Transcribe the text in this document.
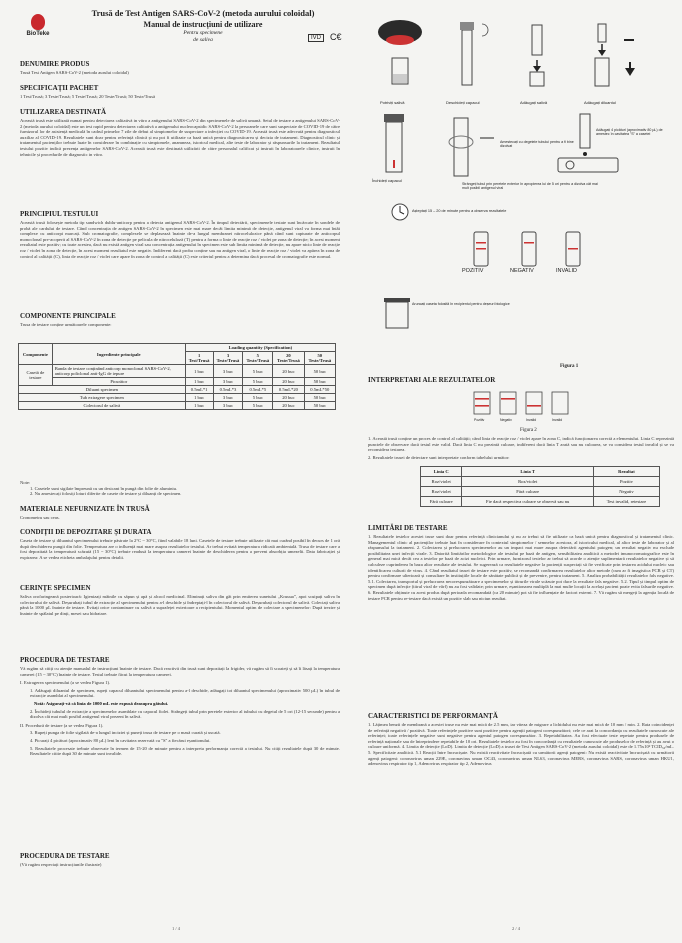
BioTeke

Trusă de Test Antigen SARS-CoV-2 (metoda aurului coloidal)

Manual de instrucțiuni de utilizare

Pentru specimene
de saliva	IVD C€

DENUMIRE PRODUS

Trusă Test Antigen SARS-CoV-2 (metoda aurului coloidal)

SPECIFICAȚII PACHET

1 Test/Trusă; 3 Teste/Trusă; 5 Teste/Trusă; 20 Teste/Trusă; 50 Teste/Trusă

UTILIZAREA DESTINATĂ

Această trusă este utilizată numai pentru detectarea calitativă in vitro a antigenului SARS-CoV-2 din specimenele de salivă umană. Setul de testare a antigenului SARS-CoV-2 (metoda aurului coloidal) este un test rapid pentru detectarea calitativă a antigenului nucleocapsidic SARS-CoV-2 la persoanele care sunt suspectate de COVID-19 de către furnizorul lor de asistență medicală în cadrul primelor 7 zile de debut al simptomelor de suspectare a infecției cu COVID-19. Această trusă este adecvată pentru diagnosticul auxiliar al COVID-19. Rezultatele sunt doar pentru referință clinică și nu pot fi utilizate ca bază unică pentru diagnosticarea și decizia de tratament. Diagnosticul clinic și tratamentul pacienților trebuie luate în considerare în combinație cu simptomele, anamneza, istoricul medical, alte teste de laborator și răspunsurile la tratament. Rezultatul testului pozitiv indică prezența antigenelor SARS-CoV-2. Această trusă este destinată utilizării de către personalul calificat și instruit în laboratoarele clinice, instruit în tehnicile și procedurile de diagnostic in vitro.

PRINCIPIUL TESTULUI

Această trusă folosește metoda tip sandwich dublu-anticorp pentru a detecta antigenul SARS-CoV-2. În timpul detectării, specimenele testate sunt încărcate în sondele de probă ale cardului de testare. Când concentrația de antigen SARS-CoV-2 în specimen este mai mare decât limita minimă de detecție, antigenul viral va forma mai întâi complexe cu anticorpi marcați. Sub cromatografie, complexele se deplasează înainte de-a lungul membranei nitrocelulozice până când sunt capturate de anticorpul monoclonal pre-acoperit al SARS-CoV-2 în zona de detecție pe pelicula de nitroceluloză (T) pentru a forma o linie de reacție roz / violet pe zona de detecție; în acest moment rezultatul este pozitiv; cu toate acestea, dacă nu există antigen viral sau concentrația antigenului în specimen este sub limita minimă de detecție, nu apare nicio linie de reacție roz / violet în zona de detecție, în acest moment rezultatul este negativ. Indiferent dacă proba conține sau nu antigen viral, o linie de reacție roz / violet va apărea în zona de control al calității (C), linia de reacție roz / violet care apare în zona de control a calității (C) este criteriul pentru a determina dacă procesul de cromatografie este normal.

COMPONENTE PRINCIPALE

Trusa de testare conține următoarele componente:

Componente	Ingrediente principale	Loading quantity (Specification)				
		1 Test/Trusă	3 Teste/Trusă	5 Teste/Trusă	20 Teste/Trusă	50 Teste/Trusă
Casetă de testare	Banda de testare conținând anticorp monoclonal SARS-CoV-2, anticorp policlonal anti-IgG de iepure	1 buc	3 buc	5 buc	20 buc	50 buc
	Picurător	1 buc	3 buc	5 buc	20 buc	50 buc
Diluant specimen		0.5mL*1	0.5mL*3	0.5mL*5	0.5mL*20	0.5mL*50
Tub extragere specimen		1 buc	3 buc	5 buc	20 buc	50 buc
Colectorul de salivă		1 buc	3 buc	5 buc	20 buc	50 buc

Note:

1. Casetele sunt sigilate împreună cu un desicant în pungă din folie de aluminiu.

2. Nu amestecați folosiți loturi diferite de casete de testare și diluanți de specimen.

MATERIALE NEFURNIZATE ÎN TRUSĂ

Cronometru sau ceas.

CONDIȚII DE DEPOZITARE ȘI DURATA

Caseta de testare și diluantul specimenului trebuie păstrate la 2°C ~ 30°C, fiind valabile 18 luni. Casetele de testare trebuie utilizate cât mai curând posibil în decurs de 1 oră după deschiderea pungii din folie. Temperatura are o influență mai mare asupra rezultatelor testului. Ar trebui evitată temperatura ridicată ambientală. Trusa de testare care a fost depozitată la temperatură scăzută (15 ~ 30°C) trebuie readusă la temperatura camerei înainte de deschiderea pentru a preveni absorbția umezelii. Data fabricației și expirarea: A se vedea eticheta ambalajului pentru detalii.

CERINȚE SPECIMEN

Saliva orofaringeană posterioară: Igienizați mâinile cu săpun și apă și alcool medicinal. Eliminați saliva din gât prin emiterea sunetului „Kruuua”, apoi scuipați saliva în colectorului de salivă. Deșurubați tubul de extracție al specimenului pentru a-l deschide și îndreptați-l în colectorul de salivă. Deșurubați colectorul de salivă. Colectați saliva până la 1000 µL înainte de testare. Evitați orice contaminare cu salivă a suprafeței exterioare a recipientului. Momentul optim de colectare a specimenelor: După trezire și înainte de spălatul pe dinți, mesei sau hidratare.

PROCEDURA DE TESTARE

Vă rugăm să citiți cu atenție manualul de instrucțiuni înainte de testare. Dacă reactivii din trusă sunt depozitați la frigider, vă rugăm să îi scoateți și să îi lăsați la temperatura camerei (15 ~ 30°C) înainte de testare. Testul trebuie făcut la temperatura camerei.

I. Extragerea specimenului (a se vedea Figura 1).

1. Adăugați diluantul de specimen, rupeți capacul diluantului specimenului pentru a-l deschide, adăugați tot diluantul specimenului (aproximativ 500 µL) în tubul de extracție asamblat al specimenului.

Notă: Asigurați-vă că linia de 1000 mL este expusă deasupra gâtului.

2. Închideți tubulul de extracție a specimenelor asamblate cu capacul fiolei. Strângeți tubul prin peretele exterior al tubului cu degetul de 5 ori (12-15 secunde) pentru a dizolva cât mai mult posibil antigenul viral prezent în salivă.

II. Procedură de testare (a se vedea Figura 1).

3. Rupeți punga de folie sigilată de-a lungul inciziei și puneți trusa de testare pe o masă curată și uscată.

4. Picurați 4 picături (aproximativ 80 µL) lent în cavitatea rezervată cu "S" a fiecărui eșantionului.

5. Rezultatele procesate trebuie observate în termen de 15-20 de minute pentru a interpreta performanța corectă a testului. Nu citiți rezultatele după 30 de minute. Rezultatele citite după 30 de minute sunt invalide.

PROCEDURA DE TESTARE

(Vă rugăm respectați instrucțiunile ilustrate)

1 / 4
Potriviți salivă	Deschideți capacul	Adăugați salivă	Adăugați diluantul
Închideți capacul
Amestecați cu degetele tubului pentru a fi bine dizolvat
Adăugați 4 picături (aproximativ 80 µL) de amestec în cavitatea "S" a casetei
Strângeți tubul prin peretele exterior în apropierea lui de 5 ori pentru a dizolva cât mai mult posibil antigenul viral
Așteptați 15 – 20 de minute pentru a observa rezultatele
POZITIV	NEGATIV	INVALID
Aruncați caseta folosită în recipientul pentru deșeuri biologice
Figura 1

INTERPRETARI ALE REZULTATELOR

Pozitiv	Negativ	Invalid	Invalid
Figura 2

1. Această trusă conține un proces de control al calității; când linia de reacție roz / violet apare în zona C, indică funcționarea corectă a elementului. Linia C reprezintă punctele de observare dacă testul este valid. Dacă linia C nu prezintă culoare, indiferent dacă linia T arată sau nu culoarea, se va considera testul invalid și se va reconsidera testarea.

2. Rezultatele trusei de detectare sunt interpretate conform tabelului următor:

Linia C	Linia T	Rezultat
Roz/violet	Roz/violet	Pozitiv
Roz/violet	Fără culoare	Negativ
Fără culoare	Fie dacă respectiva culoare se observă sau nu	Test invalid, retestare

LIMITĂRI DE TESTARE

1. Rezultatele testelor acestei truse sunt doar pentru referință clinicianului și nu ar trebui să fie utilizate ca bază unică pentru diagnosticul și tratamentul clinic. Managementul clinic al pacienților trebuie luat în considerare în contextul simptomelor / semnelor acestora, al istoricului medical, al altor teste de laborator și al răspunsului la tratament. 2. Colectarea și prelucrarea specimenelor au un impact mai mare asupra detectării agentului patogen; un rezultat negativ nu exclude posibilitatea unei infecții virale. 3. Datorită limitărilor metodologice ale testului pe bază de antigen, sensibilitatea analitică a metodei imunocromatografice este în general mai mică decât cea a testelor pe bază de acizi nucleici. Prin urmare, furnizorul testelor ar trebui să acorde o atenție suplimentară rezultatelor negative și să calculeze cuprinderea în baza altor rezultate ale testului. Se sugerează ca rezultatele negative la pacienții suspectați să fie verificate prin testarea acidului nucleic sau identificarea culturii de virus. 4. Când rezultatul trusei de testare este pozitiv, se recomandă confirmarea rezultatelor altor metode (cum ar fi imagistica PCR și CT) pentru confirmare ulterioară și consultare în instituțiile locale de sănătate publică și de prevenire, pentru tratament. 5. Analiza probabilității rezultatelor fals negative. 5.1. Colectarea, transportul și prelucrarea necorespunzătoare a specimenelor și titrurile virale scăzute pot duce la rezultate fals negative. 5.2. Tipul și timpul optim de specimen după infecție (titrul viral de vârf) nu au fost validate; prin urmare, eșantionarea multiplă la mai multe locații la același pacient poate evita falsurile negative. 6. Rezultatele obținute cu acest produs după perioada recomandată (ca 20 minute) pot să fie influențate de factori externi. 7. Vă rugăm să mergeți la agenția locală de testare PCR pentru re-testare dacă există un pozitiv slab sau niciun rezultat.

CARACTERISTICI DE PERFORMANȚĂ

1. Lățimea benzii de membrană a acestei truse nu este mai mică de 2.5 mm, iar viteza de migrare a lichidului nu este mai mică de 10 mm / min. 2. Rata coincidenței de referință negativă / pozitivă. Toate referințele pozitive sunt pozitive pentru agenții patogeni corespunzători; cele ce arat la concordanța cu rezultatele cunoscute ale referinței; toate referințele negative sunt negative pentru agentul patogen corespunzător. 3. Repetabilitatea. Au fost efectuate teste repetate pentru produsele de referință naționale sau de întreprindere repetabile de 10 ori. Rezultatele testelor au fost în concordanță cu rezultatele cunoscute ale produselor de referință și au avut o culoare uniformă. 4. Limita de detecție (LoD). Limita de detecție (LoD) a trusei de Test Antigen SARS-CoV-2 (metoda aurului coloidal) este de 1.75x10² TCID₅₀/mL. 5. Specificitate analitică. 5.1 Reacții între încrucișate. Nu există reactivitate încrucișată cu următorii agenți patogeni: Nu există reactivitate încrucișată cu următorii agenți patogeni: coronavirus uman 229E, coronavirus uman OC43, coronavirus uman NL63, coronavirus MERS, coronavirus SARS, coronavirus uman HKU1, adenovirus respirator tip 1, Adenovirus respirator tip 2, Adenovirus

2 / 4
